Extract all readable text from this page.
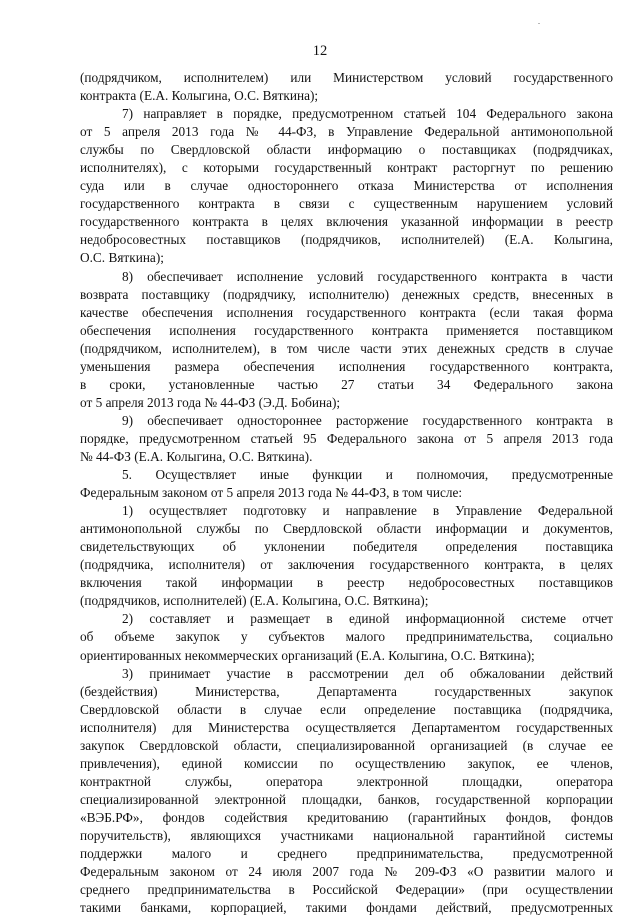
.
12
(подрядчиком, исполнителем) или Министерством условий государственного
контракта (Е.А. Колыгина, О.С. Вяткина);
7) направляет в порядке, предусмотренном статьей 104 Федерального закона
от 5 апреля 2013 года № 44-ФЗ, в Управление Федеральной антимонопольной
службы по Свердловской области информацию о поставщиках (подрядчиках,
исполнителях), с которыми государственный контракт расторгнут по решению
суда или в случае одностороннего отказа Министерства от исполнения
государственного контракта в связи с существенным нарушением условий
государственного контракта в целях включения указанной информации в реестр
недобросовестных поставщиков (подрядчиков, исполнителей) (Е.А. Колыгина,
О.С. Вяткина);
8) обеспечивает исполнение условий государственного контракта в части
возврата поставщику (подрядчику, исполнителю) денежных средств, внесенных в
качестве обеспечения исполнения государственного контракта (если такая форма
обеспечения исполнения государственного контракта применяется поставщиком
(подрядчиком, исполнителем), в том числе части этих денежных средств в случае
уменьшения размера обеспечения исполнения государственного контракта,
в сроки, установленные частью 27 статьи 34 Федерального закона
от 5 апреля 2013 года № 44-ФЗ (Э.Д. Бобина);
9) обеспечивает одностороннее расторжение государственного контракта в
порядке, предусмотренном статьей 95 Федерального закона от 5 апреля 2013 года
№ 44-ФЗ (Е.А. Колыгина, О.С. Вяткина).
5. Осуществляет иные функции и полномочия, предусмотренные
Федеральным законом от 5 апреля 2013 года № 44-ФЗ, в том числе:
1) осуществляет подготовку и направление в Управление Федеральной
антимонопольной службы по Свердловской области информации и документов,
свидетельствующих об уклонении победителя определения поставщика
(подрядчика, исполнителя) от заключения государственного контракта, в целях
включения такой информации в реестр недобросовестных поставщиков
(подрядчиков, исполнителей) (Е.А. Колыгина, О.С. Вяткина);
2) составляет и размещает в единой информационной системе отчет
об объеме закупок у субъектов малого предпринимательства, социально
ориентированных некоммерческих организаций (Е.А. Колыгина, О.С. Вяткина);
3) принимает участие в рассмотрении дел об обжаловании действий
(бездействия) Министерства, Департамента государственных закупок
Свердловской области в случае если определение поставщика (подрядчика,
исполнителя) для Министерства осуществляется Департаментом государственных
закупок Свердловской области, специализированной организацией (в случае ее
привлечения), единой комиссии по осуществлению закупок, ее членов,
контрактной службы, оператора электронной площадки, оператора
специализированной электронной площадки, банков, государственной корпорации
«ВЭБ.РФ», фондов содействия кредитованию (гарантийных фондов, фондов
поручительств), являющихся участниками национальной гарантийной системы
поддержки малого и среднего предпринимательства, предусмотренной
Федеральным законом от 24 июля 2007 года № 209-ФЗ «О развитии малого и
среднего предпринимательства в Российской Федерации» (при осуществлении
такими банками, корпорацией, такими фондами действий, предусмотренных
